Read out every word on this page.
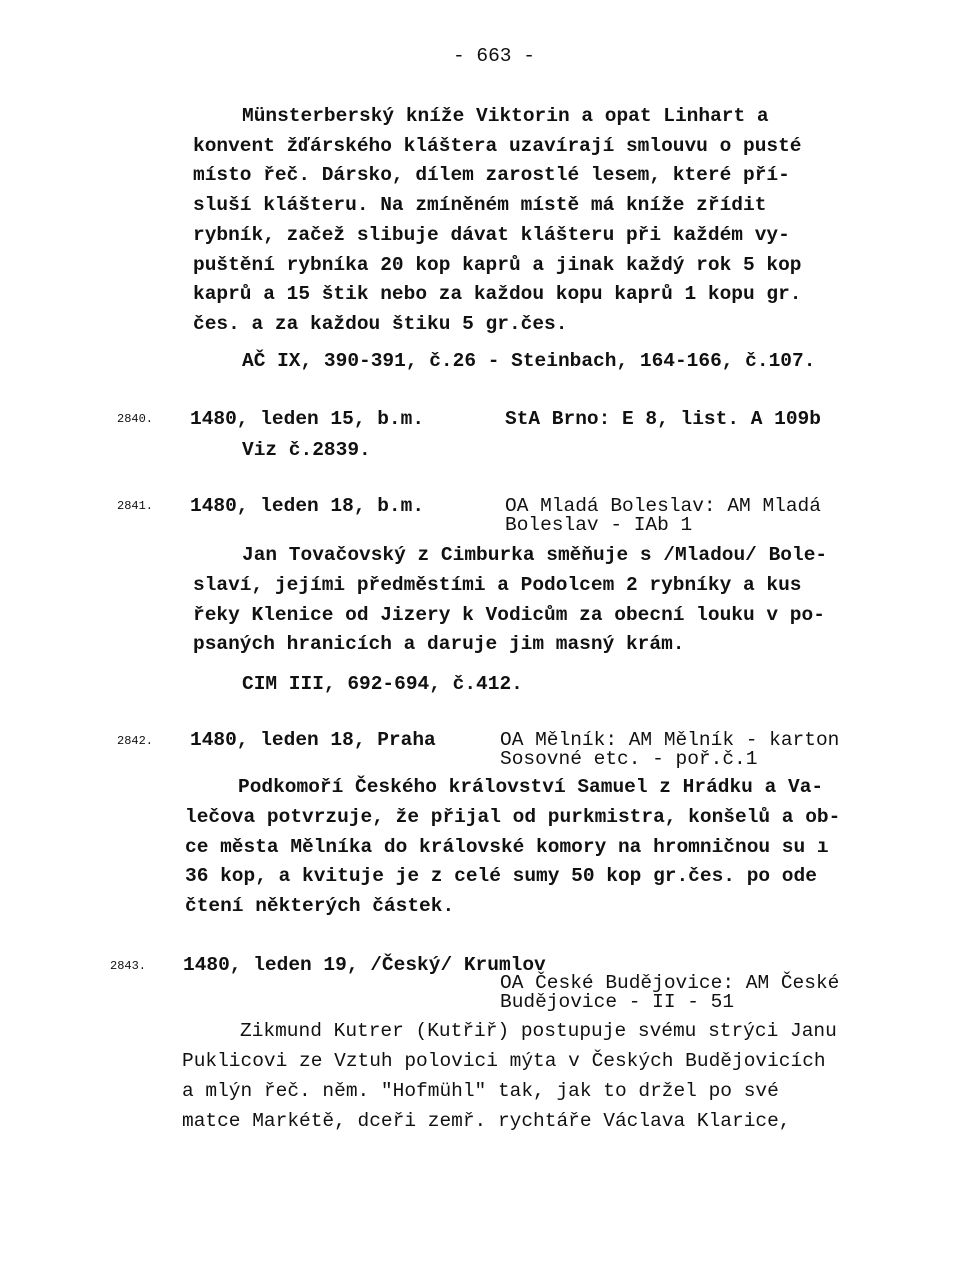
- 663 -
Münsterberský kníže Viktorin a opat Linhart a
konvent žďárského kláštera uzavírají smlouvu o pusté
místo řeč. Dársko, dílem zarostlé lesem, které pří-
sluší klášteru. Na zmíněném místě má kníže zřídit
rybník, začež slibuje dávat klášteru při každém vy-
puštění rybníka 20 kop kaprů a jinak každý rok 5 kop
kaprů a 15 štik nebo za každou kopu kaprů 1 kopu gr.
čes. a za každou štiku 5 gr.čes.
AČ IX, 390-391, č.26 - Steinbach, 164-166, č.107.
2840. 1480, leden 15, b.m.	StA Brno: E 8, list. A 109b
Viz č.2839.
2841. 1480, leden 18, b.m.	OA Mladá Boleslav: AM Mladá
Boleslav - IAb 1
Jan Tovačovský z Cimburka směňuje s /Mladou/ Bole-
slaví, jejími předměstími a Podolcem 2 rybníky a kus
řeky Klenice od Jizery k Vodicům za obecní louku v po-
psaných hranicích a daruje jim masný krám.
CIM III, 692-694, č.412.
2842. 1480, leden 18, Praha	OA Mělník: AM Mělník - karton
Sosovné etc. - poř.č.1
Podkomoří Českého království Samuel z Hrádku a Va-
lečova potvrzuje, že přijal od purkmistra, konšelů a ob-
ce města Mělníka do královské komory na hromničnou su ı
36 kop, a kvituje je z celé sumy 50 kop gr.čes. po ode
čtení některých částek.
2843. 1480, leden 19, /Český/ Krumlov
OA České Budějovice: AM České
Budějovice - II - 51
Zikmund Kutrer (Kutřiř) postupuje svému strýci Janu
Puklicovi ze Vztuh polovici mýta v Českých Budějovicích
a mlýn řeč. něm. "Hofmühl" tak, jak to držel po své
matce Markétě, dceři zemř. rychtáře Václava Klarice,
